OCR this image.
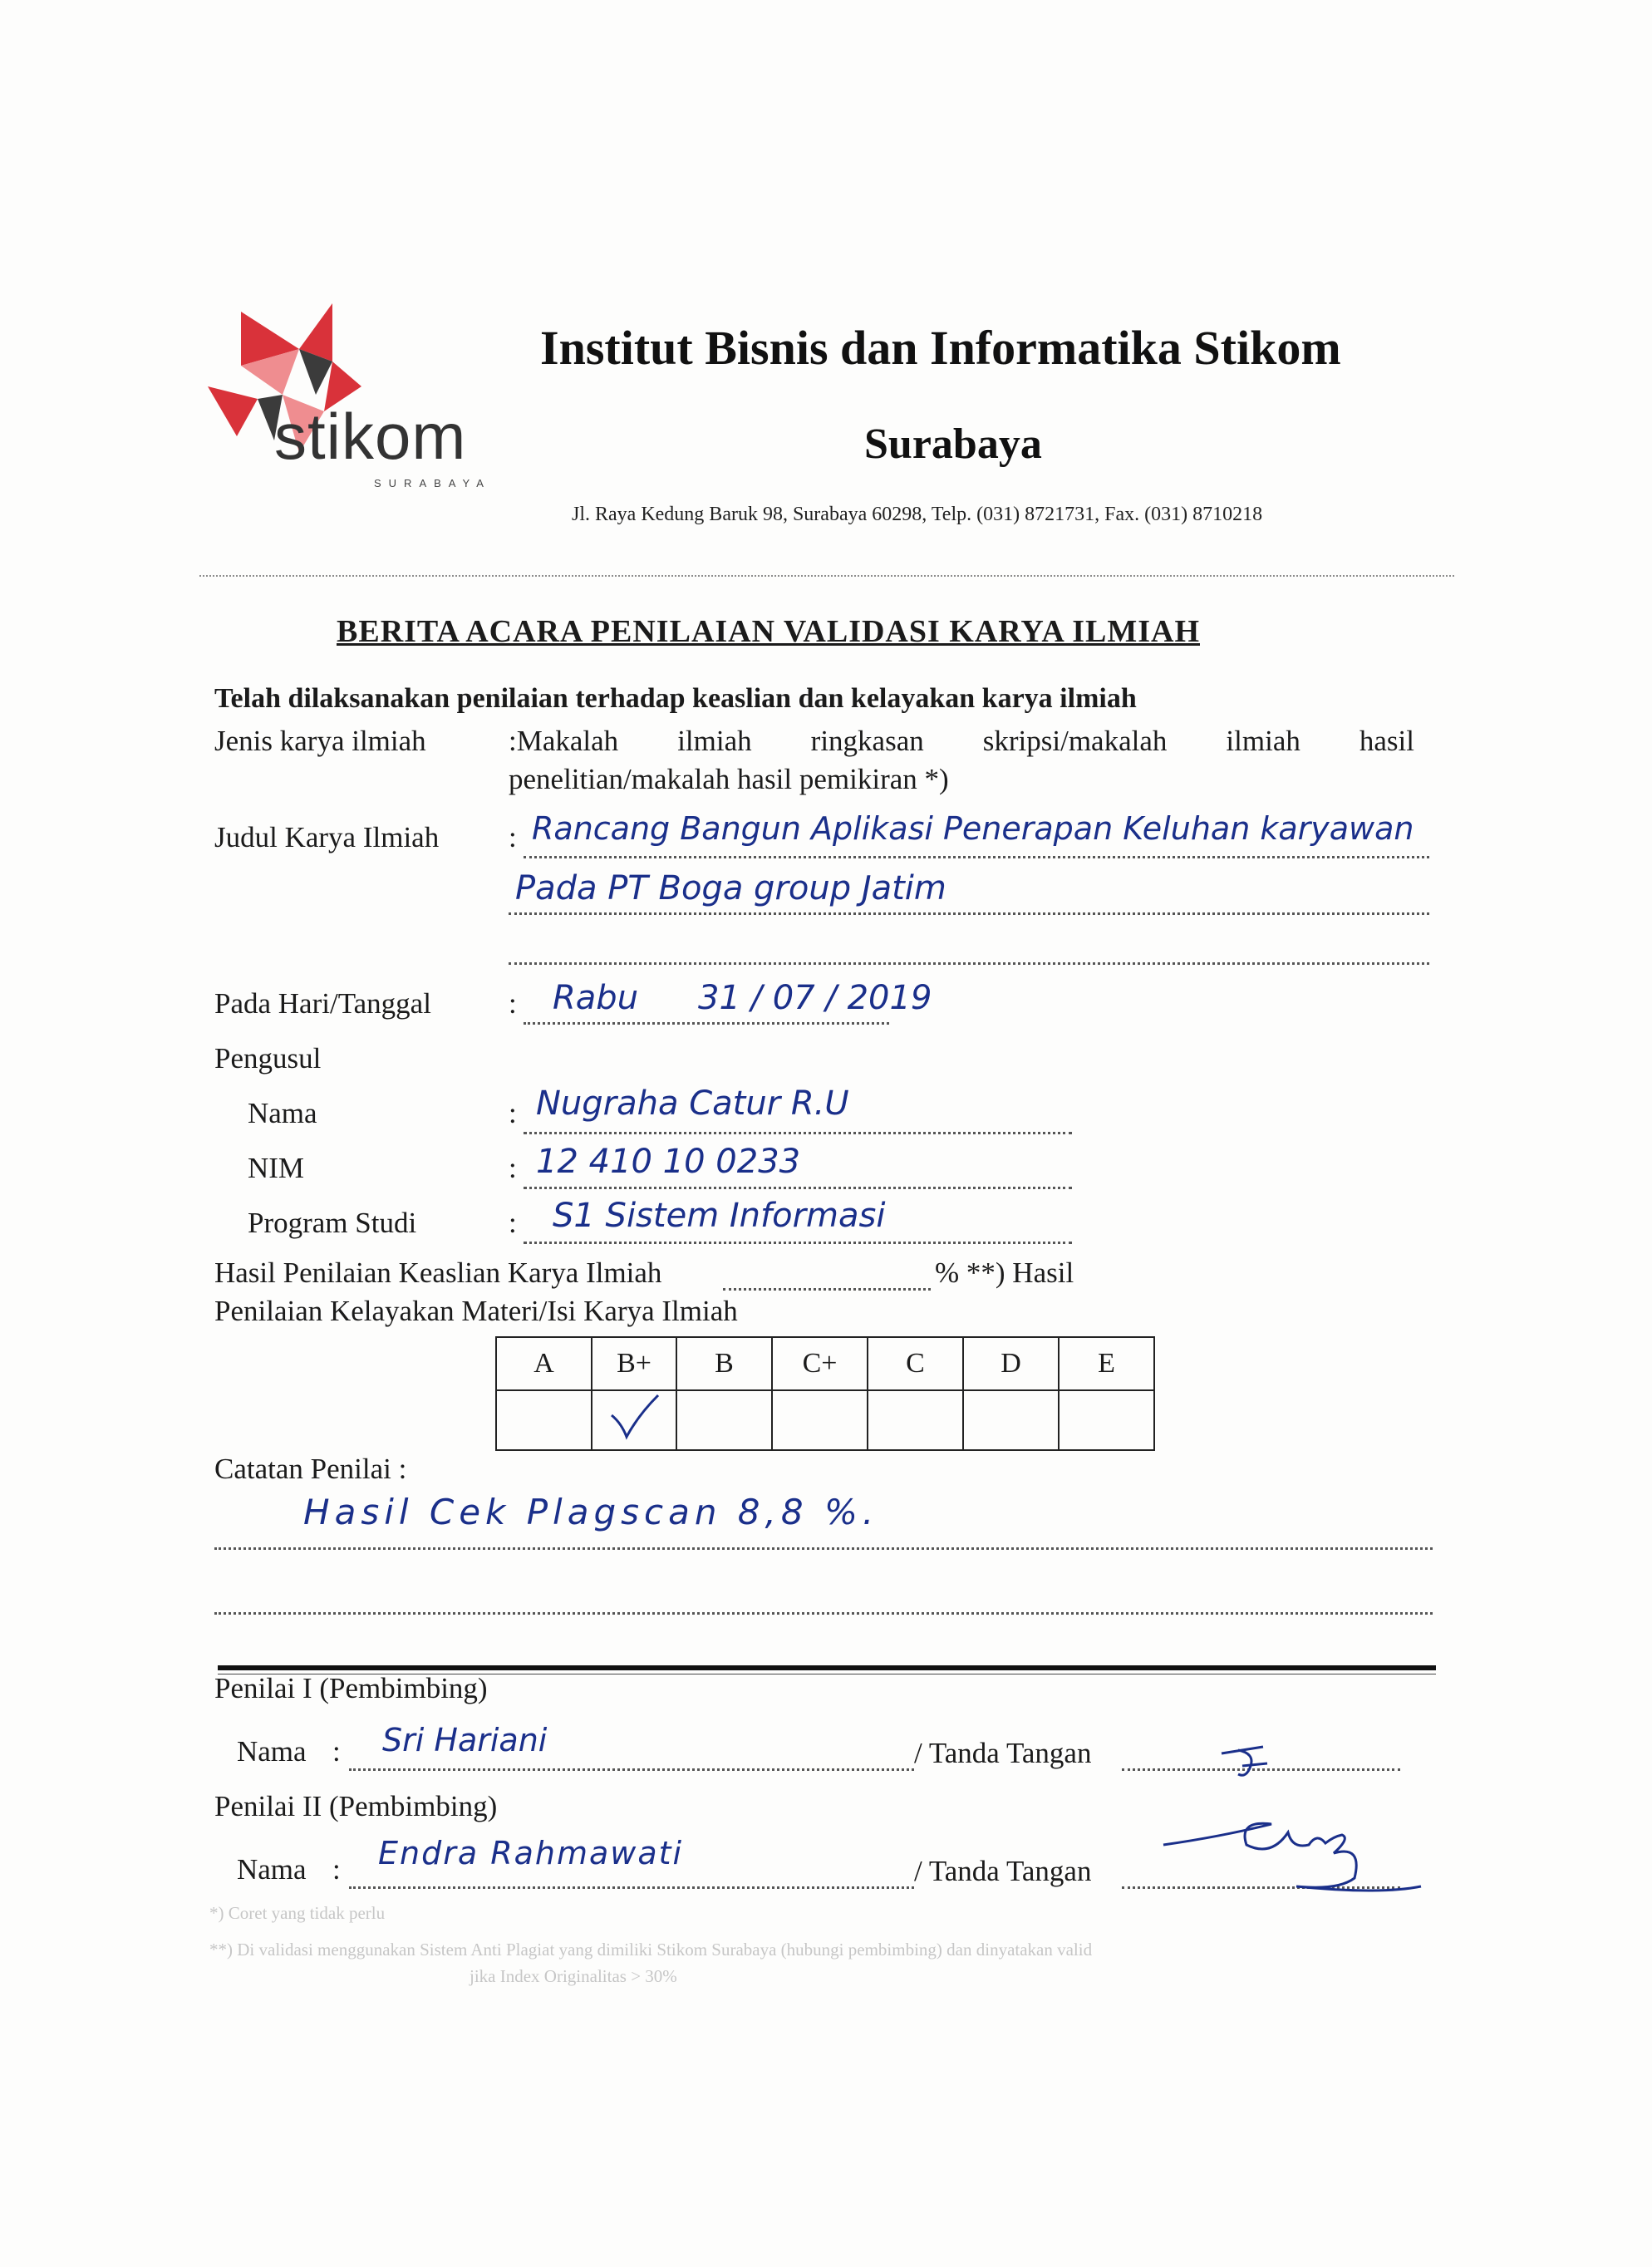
stikom
SURABAYA
Institut Bisnis dan Informatika Stikom
Surabaya
Jl. Raya Kedung Baruk 98, Surabaya 60298, Telp. (031) 8721731, Fax. (031) 8710218
BERITA ACARA PENILAIAN VALIDASI KARYA ILMIAH
Telah dilaksanakan penilaian terhadap keaslian dan kelayakan karya ilmiah
Jenis karya ilmiah	:Makalah ilmiah ringkasan skripsi/makalah ilmiah hasil
penelitian/makalah hasil pemikiran *)
Judul Karya Ilmiah : Rancang Bangun Aplikasi Penerapan Keluhan karyawan
Pada PT Boga group Jatim
Pada Hari/Tanggal	: Rabu 31 / 07 / 2019
Pengusul
Nama	: Nugraha Catur R.U
NIM	: 12 410 10 0233
Program Studi	: S1 Sistem Informasi
Hasil Penilaian Keaslian Karya Ilmiah	% **) Hasil
Penilaian Kelayakan Materi/Isi Karya Ilmiah
A	B+	B	C+	C	D	E

Catatan Penilai :
Hasil Cek Plagscan 8,8 %.
Penilai I (Pembimbing)
Nama : Sri Hariani	/ Tanda Tangan
Penilai II (Pembimbing)
Nama : Endra Rahmawati	/ Tanda Tangan
*) Coret yang tidak perlu
**) Di validasi menggunakan Sistem Anti Plagiat yang dimiliki Stikom Surabaya (hubungi pembimbing) dan dinyatakan valid
jika Index Originalitas > 30%
